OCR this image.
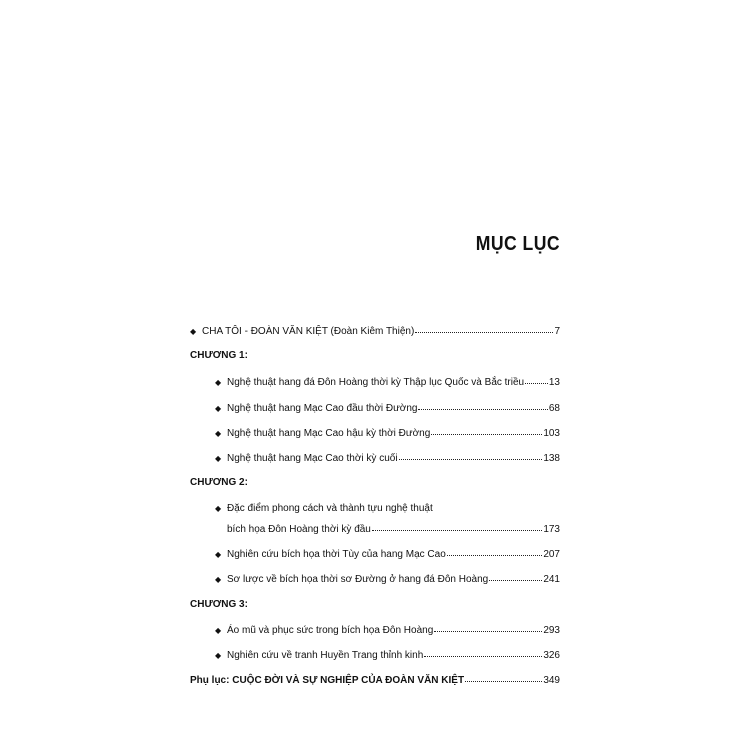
MỤC LỤC
◆ CHA TÔI - ĐOÀN VĂN KIỆT (Đoàn Kiêm Thiện)	7
CHƯƠNG 1:
◆ Nghệ thuật hang đá Đôn Hoàng thời kỳ Thập lục Quốc và Bắc triều 13
◆ Nghệ thuật hang Mạc Cao đầu thời Đường	68
◆ Nghệ thuật hang Mạc Cao hậu kỳ thời Đường	103
◆ Nghệ thuật hang Mạc Cao thời kỳ cuối	138
CHƯƠNG 2:
◆ Đặc điểm phong cách và thành tựu nghệ thuật
bích họa Đôn Hoàng thời kỳ đầu	173
◆ Nghiên cứu bích họa thời Tùy của hang Mạc Cao	207
◆ Sơ lược về bích họa thời sơ Đường ở hang đá Đôn Hoàng	241
CHƯƠNG 3:
◆ Áo mũ và phục sức trong bích họa Đôn Hoàng	293
◆ Nghiên cứu về tranh Huyền Trang thỉnh kinh	326
Phụ lục: CUỘC ĐỜI VÀ SỰ NGHIỆP CỦA ĐOÀN VĂN KIỆT	349
